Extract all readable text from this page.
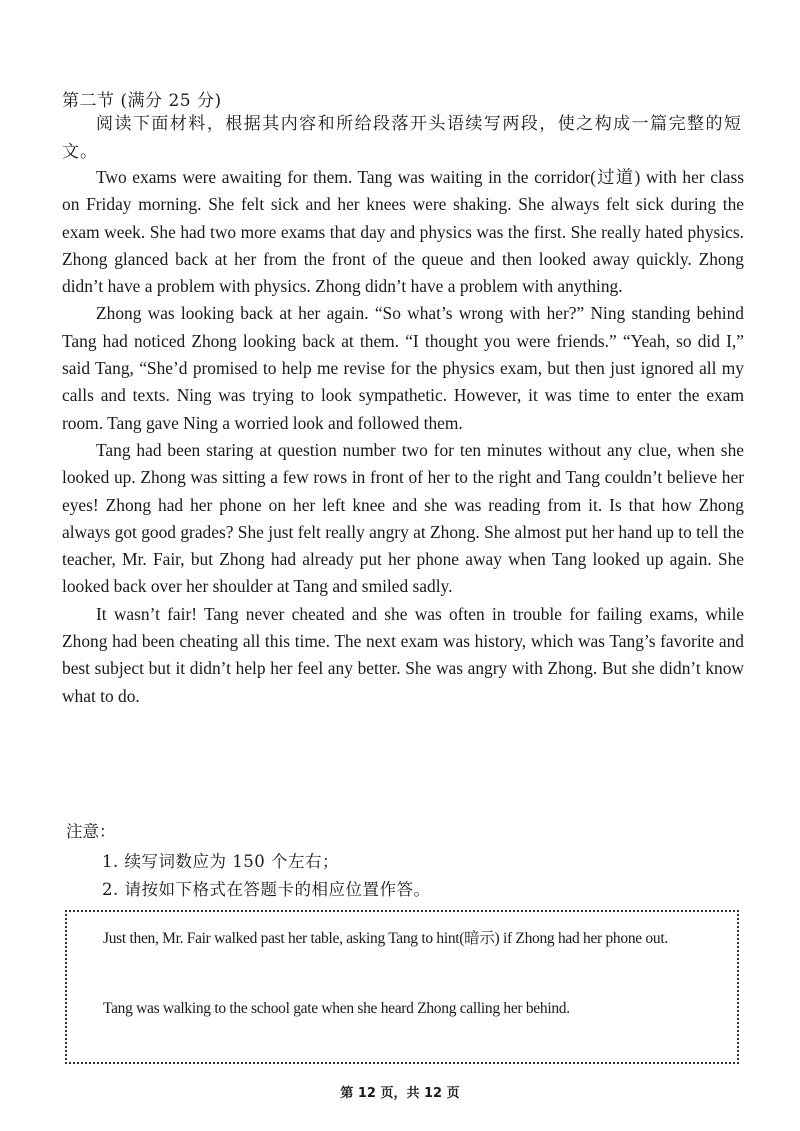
第二节 (满分 25 分)
阅读下面材料，根据其内容和所给段落开头语续写两段，使之构成一篇完整的短文。

Two exams were awaiting for them. Tang was waiting in the corridor(过道) with her class on Friday morning. She felt sick and her knees were shaking. She always felt sick during the exam week. She had two more exams that day and physics was the first. She really hated physics. Zhong glanced back at her from the front of the queue and then looked away quickly. Zhong didn’t have a problem with physics. Zhong didn’t have a problem with anything.

Zhong was looking back at her again. “So what’s wrong with her?” Ning standing behind Tang had noticed Zhong looking back at them. “I thought you were friends.” “Yeah, so did I,” said Tang, “She’d promised to help me revise for the physics exam, but then just ignored all my calls and texts. Ning was trying to look sympathetic. However, it was time to enter the exam room. Tang gave Ning a worried look and followed them.

Tang had been staring at question number two for ten minutes without any clue, when she looked up. Zhong was sitting a few rows in front of her to the right and Tang couldn’t believe her eyes! Zhong had her phone on her left knee and she was reading from it. Is that how Zhong always got good grades? She just felt really angry at Zhong. She almost put her hand up to tell the teacher, Mr. Fair, but Zhong had already put her phone away when Tang looked up again. She looked back over her shoulder at Tang and smiled sadly.

It wasn’t fair! Tang never cheated and she was often in trouble for failing exams, while Zhong had been cheating all this time. The next exam was history, which was Tang’s favorite and best subject but it didn’t help her feel any better. She was angry with Zhong. But she didn’t know what to do.

注意：
1. 续写词数应为 150 个左右；
2. 请按如下格式在答题卡的相应位置作答。
Just then, Mr. Fair walked past her table, asking Tang to hint(暗示) if Zhong had her phone out.
Tang was walking to the school gate when she heard Zhong calling her behind.
第 12 页，共 12 页
